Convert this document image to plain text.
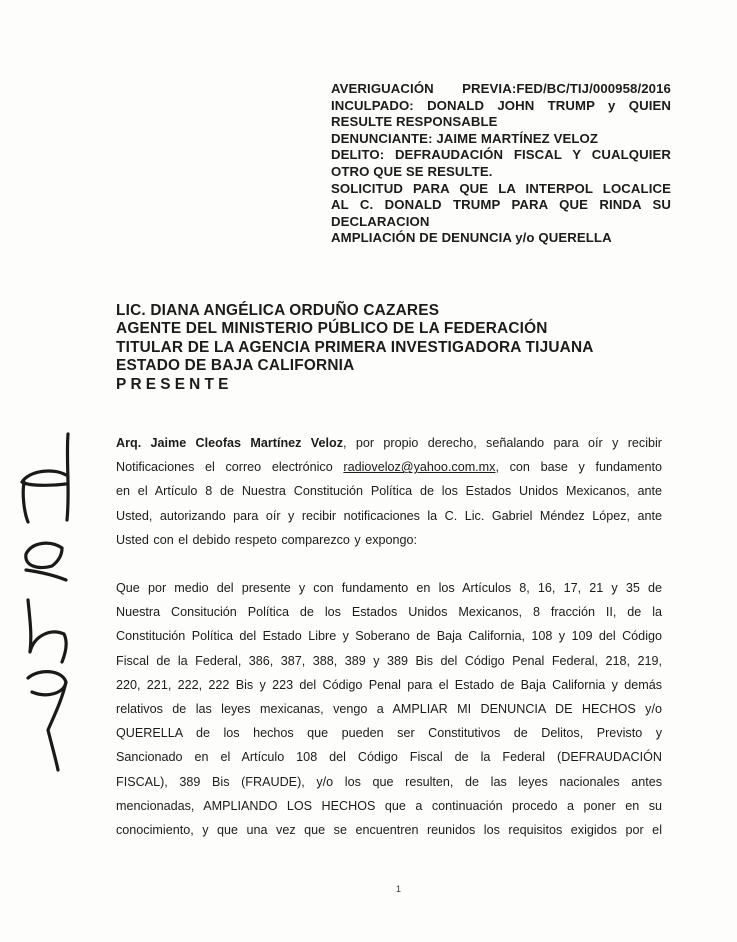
AVERIGUACIÓN PREVIA:FED/BC/TIJ/000958/2016
INCULPADO: DONALD JOHN TRUMP y QUIEN
RESULTE RESPONSABLE
DENUNCIANTE: JAIME MARTÍNEZ VELOZ
DELITO: DEFRAUDACIÓN FISCAL Y CUALQUIER
OTRO QUE SE RESULTE.
SOLICITUD PARA QUE LA INTERPOL LOCALICE
AL C. DONALD TRUMP PARA QUE RINDA SU
DECLARACION
AMPLIACIÓN DE DENUNCIA y/o QUERELLA
LIC. DIANA ANGÉLICA ORDUÑO CAZARES
AGENTE DEL MINISTERIO PÚBLICO DE LA FEDERACIÓN
TITULAR DE LA AGENCIA PRIMERA INVESTIGADORA TIJUANA
ESTADO DE BAJA CALIFORNIA
PRESENTE
Arq. Jaime Cleofas Martínez Veloz, por propio derecho, señalando para oír y recibir
Notificaciones el correo electrónico radioveloz@yahoo.com.mx, con base y fundamento
en el Artículo 8 de Nuestra Constitución Política de los Estados Unidos Mexicanos, ante
Usted, autorizando para oír y recibir notificaciones la C. Lic. Gabriel Méndez López, ante
Usted con el debido respeto comparezco y expongo:
Que por medio del presente y con fundamento en los Artículos 8, 16, 17, 21 y 35 de
Nuestra Consitución Política de los Estados Unidos Mexicanos, 8 fracción II, de la
Constitución Política del Estado Libre y Soberano de Baja California, 108 y 109 del Código
Fiscal de la Federal, 386, 387, 388, 389 y 389 Bis del Código Penal Federal, 218, 219,
220, 221, 222, 222 Bis y 223 del Código Penal para el Estado de Baja California y demás
relativos de las leyes mexicanas, vengo a AMPLIAR MI DENUNCIA DE HECHOS y/o
QUERELLA de los hechos que pueden ser Constitutivos de Delitos, Previsto y
Sancionado en el Artículo 108 del Código Fiscal de la Federal (DEFRAUDACIÓN
FISCAL), 389 Bis (FRAUDE), y/o los que resulten, de las leyes nacionales antes
mencionadas, AMPLIANDO LOS HECHOS que a continuación procedo a poner en su
conocimiento, y que una vez que se encuentren reunidos los requisitos exigidos por el
1
